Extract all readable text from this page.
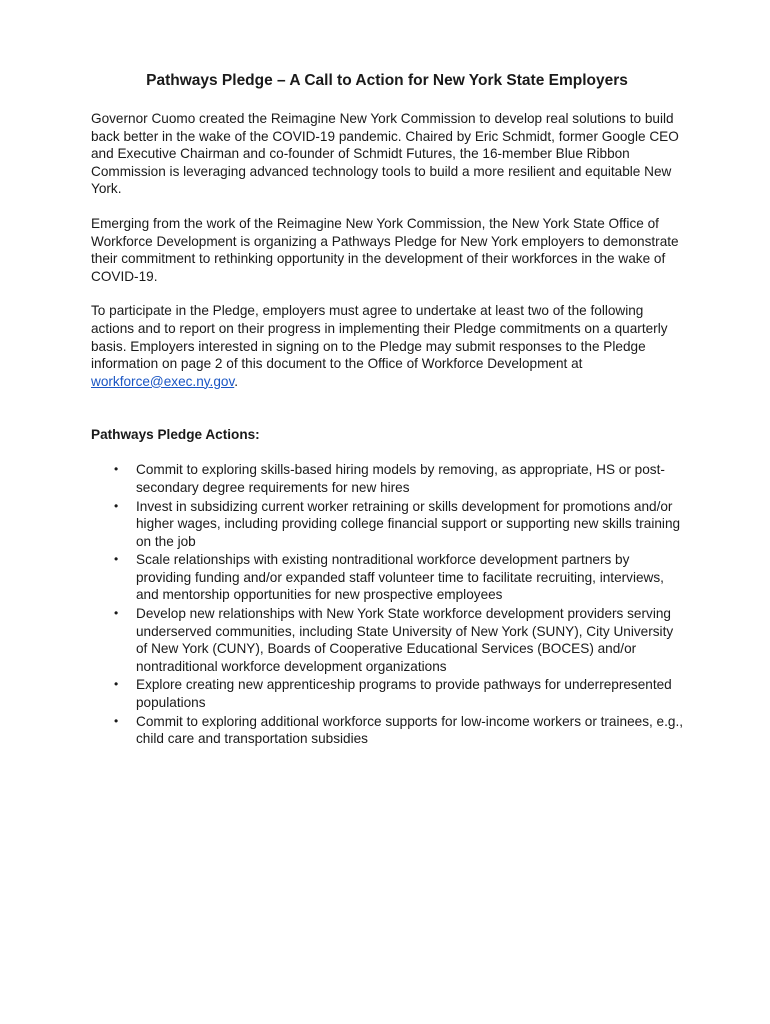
Pathways Pledge – A Call to Action for New York State Employers

Governor Cuomo created the Reimagine New York Commission to develop real solutions to build back better in the wake of the COVID-19 pandemic. Chaired by Eric Schmidt, former Google CEO and Executive Chairman and co-founder of Schmidt Futures, the 16-member Blue Ribbon Commission is leveraging advanced technology tools to build a more resilient and equitable New York.

Emerging from the work of the Reimagine New York Commission, the New York State Office of Workforce Development is organizing a Pathways Pledge for New York employers to demonstrate their commitment to rethinking opportunity in the development of their workforces in the wake of COVID-19.

To participate in the Pledge, employers must agree to undertake at least two of the following actions and to report on their progress in implementing their Pledge commitments on a quarterly basis. Employers interested in signing on to the Pledge may submit responses to the Pledge information on page 2 of this document to the Office of Workforce Development at workforce@exec.ny.gov.

Pathways Pledge Actions:
• Commit to exploring skills-based hiring models by removing, as appropriate, HS or post-secondary degree requirements for new hires
• Invest in subsidizing current worker retraining or skills development for promotions and/or higher wages, including providing college financial support or supporting new skills training on the job
• Scale relationships with existing nontraditional workforce development partners by providing funding and/or expanded staff volunteer time to facilitate recruiting, interviews, and mentorship opportunities for new prospective employees
• Develop new relationships with New York State workforce development providers serving underserved communities, including State University of New York (SUNY), City University of New York (CUNY), Boards of Cooperative Educational Services (BOCES) and/or nontraditional workforce development organizations
• Explore creating new apprenticeship programs to provide pathways for underrepresented populations
• Commit to exploring additional workforce supports for low-income workers or trainees, e.g., child care and transportation subsidies
